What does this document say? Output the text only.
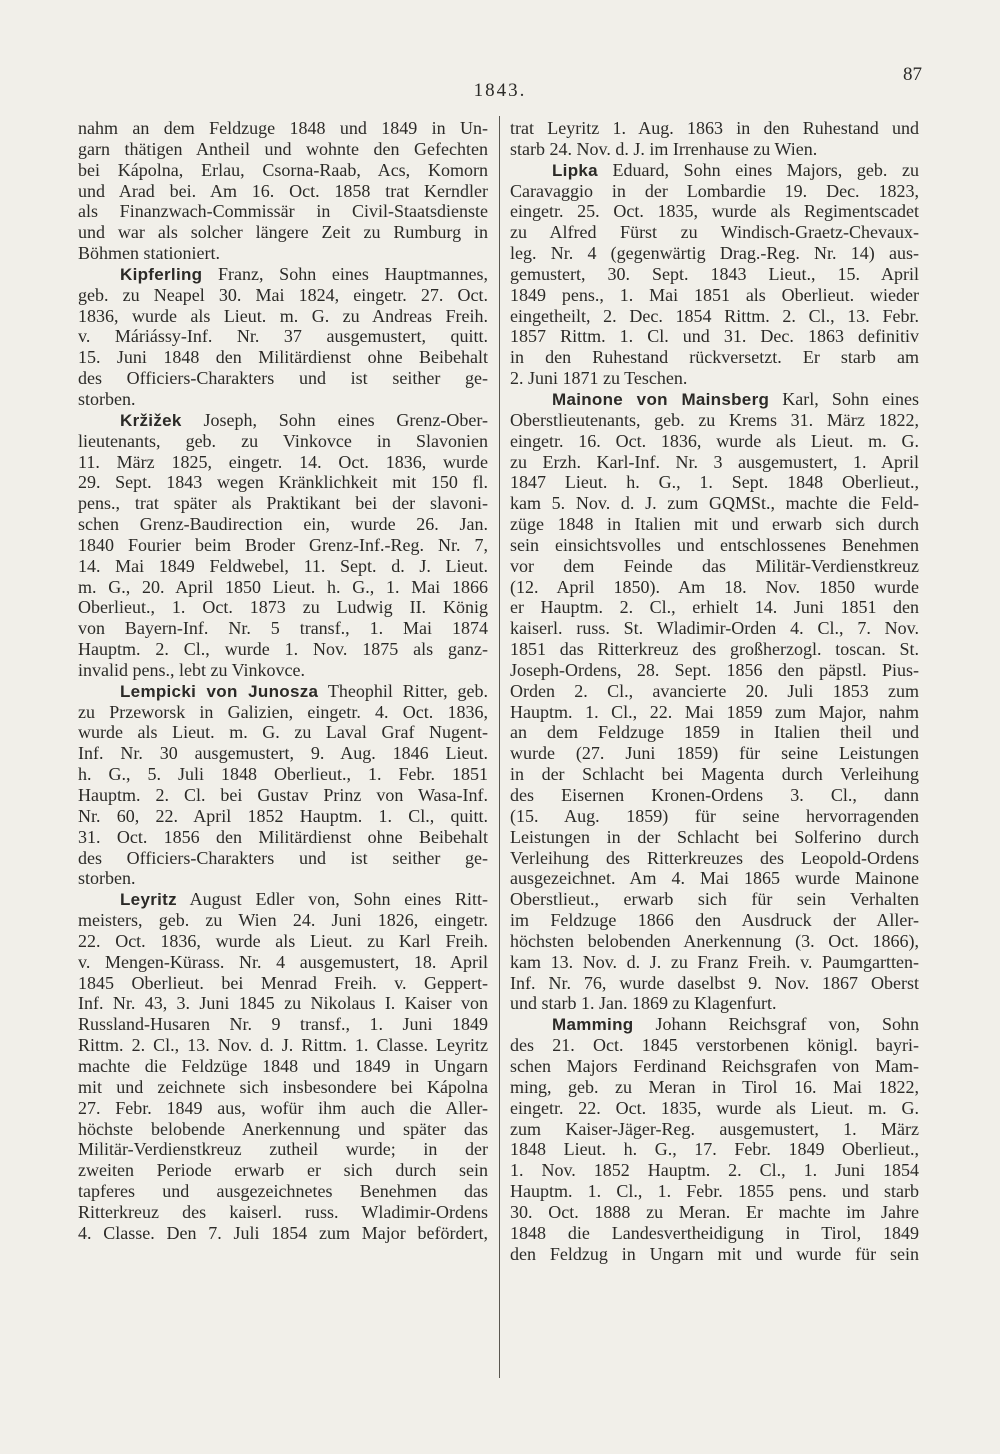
87
1843.
nahm an dem Feldzuge 1848 und 1849 in Un-
garn thätigen Antheil und wohnte den Gefechten
bei Kápolna, Erlau, Csorna-Raab, Acs, Komorn
und Arad bei. Am 16. Oct. 1858 trat Kerndler
als Finanzwach-Commissär in Civil-Staatsdienste
und war als solcher längere Zeit zu Rumburg in
Böhmen stationiert.
Kipferling Franz, Sohn eines Hauptmannes,
geb. zu Neapel 30. Mai 1824, eingetr. 27. Oct.
1836, wurde als Lieut. m. G. zu Andreas Freih.
v. Máriássy-Inf. Nr. 37 ausgemustert, quitt.
15. Juni 1848 den Militärdienst ohne Beibehalt
des Officiers-Charakters und ist seither ge-
storben.
Kržižek Joseph, Sohn eines Grenz-Ober-
lieutenants, geb. zu Vinkovce in Slavonien
11. März 1825, eingetr. 14. Oct. 1836, wurde
29. Sept. 1843 wegen Kränklichkeit mit 150 fl.
pens., trat später als Praktikant bei der slavoni-
schen Grenz-Baudirection ein, wurde 26. Jan.
1840 Fourier beim Broder Grenz-Inf.-Reg. Nr. 7,
14. Mai 1849 Feldwebel, 11. Sept. d. J. Lieut.
m. G., 20. April 1850 Lieut. h. G., 1. Mai 1866
Oberlieut., 1. Oct. 1873 zu Ludwig II. König
von Bayern-Inf. Nr. 5 transf., 1. Mai 1874
Hauptm. 2. Cl., wurde 1. Nov. 1875 als ganz-
invalid pens., lebt zu Vinkovce.
Lempicki von Junosza Theophil Ritter, geb.
zu Przeworsk in Galizien, eingetr. 4. Oct. 1836,
wurde als Lieut. m. G. zu Laval Graf Nugent-
Inf. Nr. 30 ausgemustert, 9. Aug. 1846 Lieut.
h. G., 5. Juli 1848 Oberlieut., 1. Febr. 1851
Hauptm. 2. Cl. bei Gustav Prinz von Wasa-Inf.
Nr. 60, 22. April 1852 Hauptm. 1. Cl., quitt.
31. Oct. 1856 den Militärdienst ohne Beibehalt
des Officiers-Charakters und ist seither ge-
storben.
Leyritz August Edler von, Sohn eines Ritt-
meisters, geb. zu Wien 24. Juni 1826, eingetr.
22. Oct. 1836, wurde als Lieut. zu Karl Freih.
v. Mengen-Kürass. Nr. 4 ausgemustert, 18. April
1845 Oberlieut. bei Menrad Freih. v. Geppert-
Inf. Nr. 43, 3. Juni 1845 zu Nikolaus I. Kaiser von
Russland-Husaren Nr. 9 transf., 1. Juni 1849
Rittm. 2. Cl., 13. Nov. d. J. Rittm. 1. Classe. Leyritz
machte die Feldzüge 1848 und 1849 in Ungarn
mit und zeichnete sich insbesondere bei Kápolna
27. Febr. 1849 aus, wofür ihm auch die Aller-
höchste belobende Anerkennung und später das
Militär-Verdienstkreuz zutheil wurde; in der
zweiten Periode erwarb er sich durch sein
tapferes und ausgezeichnetes Benehmen das
Ritterkreuz des kaiserl. russ. Wladimir-Ordens
4. Classe. Den 7. Juli 1854 zum Major befördert,
trat Leyritz 1. Aug. 1863 in den Ruhestand und
starb 24. Nov. d. J. im Irrenhause zu Wien.
Lipka Eduard, Sohn eines Majors, geb. zu
Caravaggio in der Lombardie 19. Dec. 1823,
eingetr. 25. Oct. 1835, wurde als Regimentscadet
zu Alfred Fürst zu Windisch-Graetz-Chevaux-
leg. Nr. 4 (gegenwärtig Drag.-Reg. Nr. 14) aus-
gemustert, 30. Sept. 1843 Lieut., 15. April
1849 pens., 1. Mai 1851 als Oberlieut. wieder
eingetheilt, 2. Dec. 1854 Rittm. 2. Cl., 13. Febr.
1857 Rittm. 1. Cl. und 31. Dec. 1863 definitiv
in den Ruhestand rückversetzt. Er starb am
2. Juni 1871 zu Teschen.
Mainone von Mainsberg Karl, Sohn eines
Oberstlieutenants, geb. zu Krems 31. März 1822,
eingetr. 16. Oct. 1836, wurde als Lieut. m. G.
zu Erzh. Karl-Inf. Nr. 3 ausgemustert, 1. April
1847 Lieut. h. G., 1. Sept. 1848 Oberlieut.,
kam 5. Nov. d. J. zum GQMSt., machte die Feld-
züge 1848 in Italien mit und erwarb sich durch
sein einsichtsvolles und entschlossenes Benehmen
vor dem Feinde das Militär-Verdienstkreuz
(12. April 1850). Am 18. Nov. 1850 wurde
er Hauptm. 2. Cl., erhielt 14. Juni 1851 den
kaiserl. russ. St. Wladimir-Orden 4. Cl., 7. Nov.
1851 das Ritterkreuz des großherzogl. toscan. St.
Joseph-Ordens, 28. Sept. 1856 den päpstl. Pius-
Orden 2. Cl., avancierte 20. Juli 1853 zum
Hauptm. 1. Cl., 22. Mai 1859 zum Major, nahm
an dem Feldzuge 1859 in Italien theil und
wurde (27. Juni 1859) für seine Leistungen
in der Schlacht bei Magenta durch Verleihung
des Eisernen Kronen-Ordens 3. Cl., dann
(15. Aug. 1859) für seine hervorragenden
Leistungen in der Schlacht bei Solferino durch
Verleihung des Ritterkreuzes des Leopold-Ordens
ausgezeichnet. Am 4. Mai 1865 wurde Mainone
Oberstlieut., erwarb sich für sein Verhalten
im Feldzuge 1866 den Ausdruck der Aller-
höchsten belobenden Anerkennung (3. Oct. 1866),
kam 13. Nov. d. J. zu Franz Freih. v. Paumgartten-
Inf. Nr. 76, wurde daselbst 9. Nov. 1867 Oberst
und starb 1. Jan. 1869 zu Klagenfurt.
Mamming Johann Reichsgraf von, Sohn
des 21. Oct. 1845 verstorbenen königl. bayri-
schen Majors Ferdinand Reichsgrafen von Mam-
ming, geb. zu Meran in Tirol 16. Mai 1822,
eingetr. 22. Oct. 1835, wurde als Lieut. m. G.
zum Kaiser-Jäger-Reg. ausgemustert, 1. März
1848 Lieut. h. G., 17. Febr. 1849 Oberlieut.,
1. Nov. 1852 Hauptm. 2. Cl., 1. Juni 1854
Hauptm. 1. Cl., 1. Febr. 1855 pens. und starb
30. Oct. 1888 zu Meran. Er machte im Jahre
1848 die Landesvertheidigung in Tirol, 1849
den Feldzug in Ungarn mit und wurde für sein
